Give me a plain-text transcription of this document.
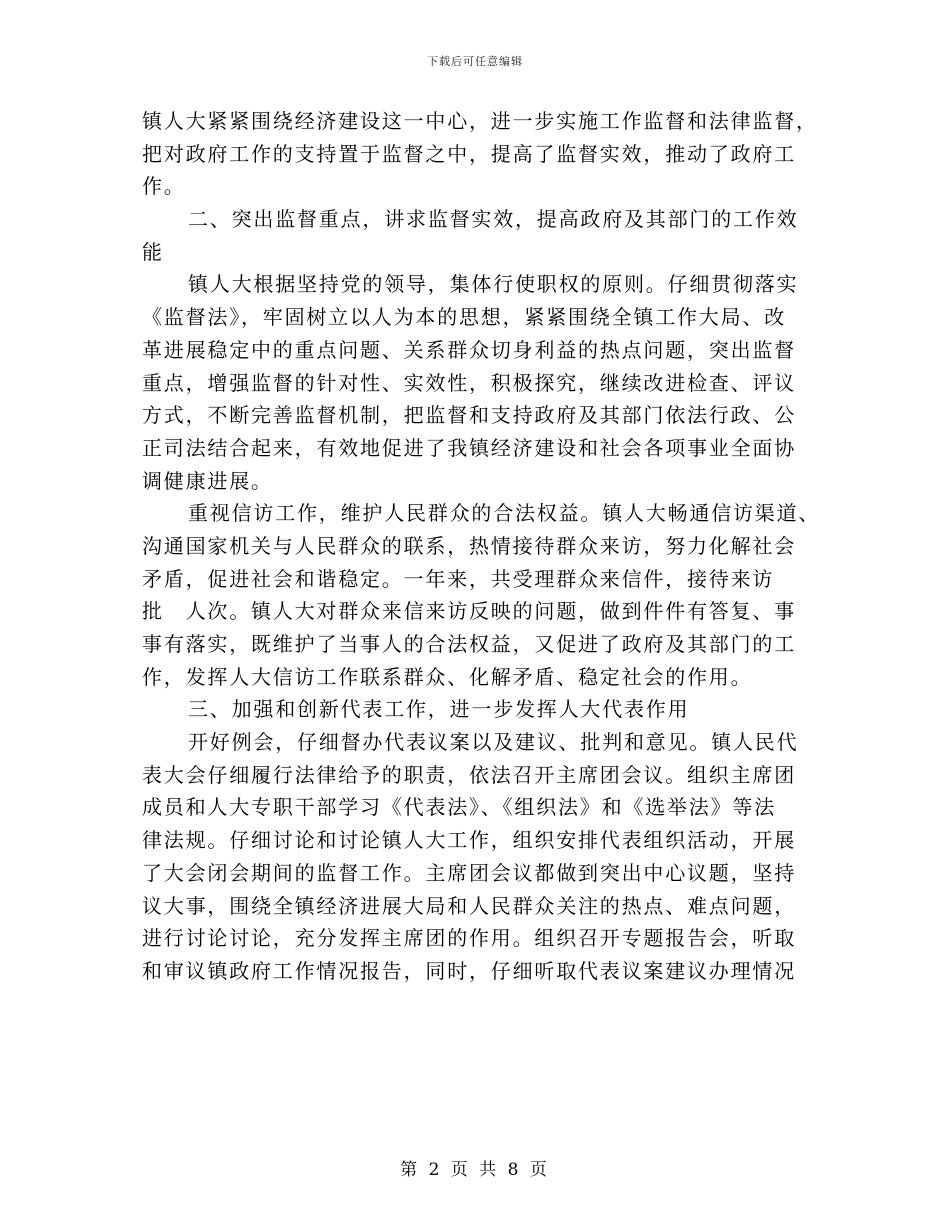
下载后可任意编辑
镇人大紧紧围绕经济建设这一中心，进一步实施工作监督和法律监督，
把对政府工作的支持置于监督之中，提高了监督实效，推动了政府工
作。
二、突出监督重点，讲求监督实效，提高政府及其部门的工作效
能
镇人大根据坚持党的领导，集体行使职权的原则。仔细贯彻落实
《监督法》，牢固树立以人为本的思想，紧紧围绕全镇工作大局、改
革进展稳定中的重点问题、关系群众切身利益的热点问题，突出监督
重点，增强监督的针对性、实效性，积极探究，继续改进检查、评议
方式，不断完善监督机制，把监督和支持政府及其部门依法行政、公
正司法结合起来，有效地促进了我镇经济建设和社会各项事业全面协
调健康进展。
重视信访工作，维护人民群众的合法权益。镇人大畅通信访渠道、
沟通国家机关与人民群众的联系，热情接待群众来访，努力化解社会
矛盾，促进社会和谐稳定。一年来，共受理群众来信件，接待来访
批　人次。镇人大对群众来信来访反映的问题，做到件件有答复、事
事有落实，既维护了当事人的合法权益，又促进了政府及其部门的工
作，发挥人大信访工作联系群众、化解矛盾、稳定社会的作用。
三、加强和创新代表工作，进一步发挥人大代表作用
开好例会，仔细督办代表议案以及建议、批判和意见。镇人民代
表大会仔细履行法律给予的职责，依法召开主席团会议。组织主席团
成员和人大专职干部学习《代表法》、《组织法》和《选举法》等法
律法规。仔细讨论和讨论镇人大工作，组织安排代表组织活动，开展
了大会闭会期间的监督工作。主席团会议都做到突出中心议题，坚持
议大事，围绕全镇经济进展大局和人民群众关注的热点、难点问题，
进行讨论讨论，充分发挥主席团的作用。组织召开专题报告会，听取
和审议镇政府工作情况报告，同时，仔细听取代表议案建议办理情况
第 2 页 共 8 页
